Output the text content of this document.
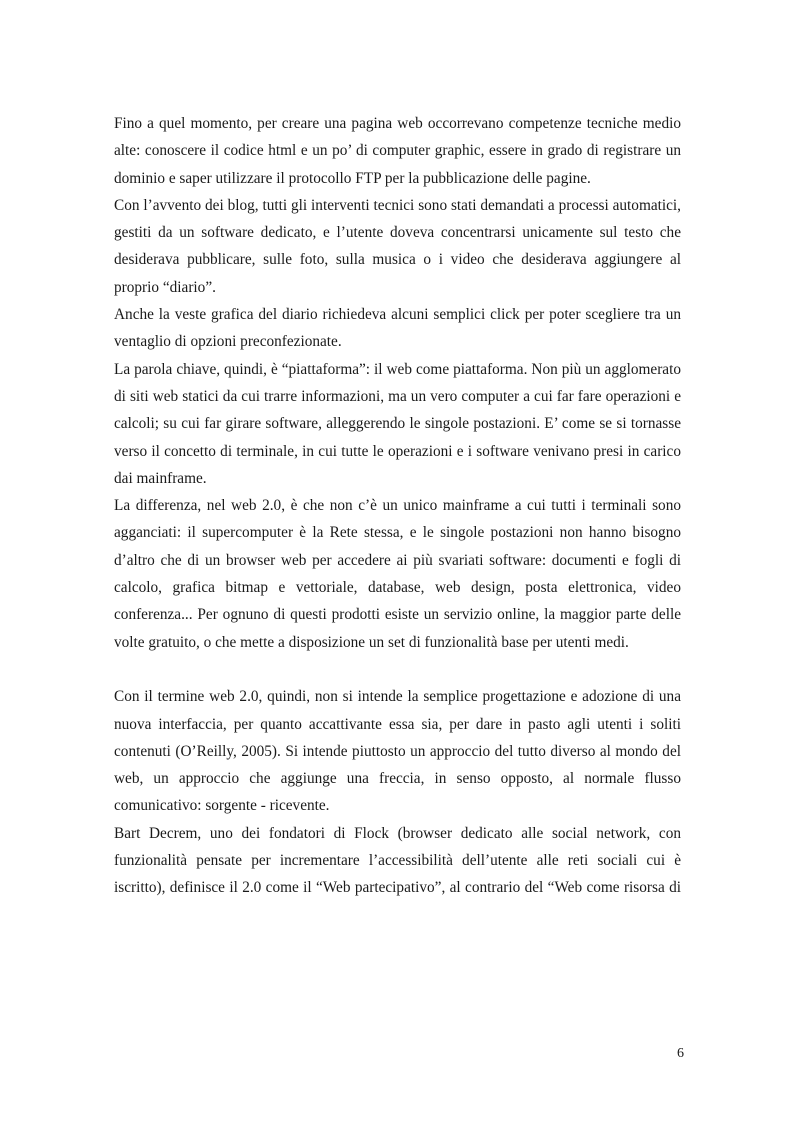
Fino a quel momento, per creare una pagina web occorrevano competenze tecniche medio alte: conoscere il codice html e un po’ di computer graphic, essere in grado di registrare un dominio e saper utilizzare il protocollo FTP per la pubblicazione delle pagine.

Con l’avvento dei blog, tutti gli interventi tecnici sono stati demandati a processi automatici, gestiti da un software dedicato, e l’utente doveva concentrarsi unicamente sul testo che desiderava pubblicare, sulle foto, sulla musica o i video che desiderava aggiungere al proprio “diario”.

Anche la veste grafica del diario richiedeva alcuni semplici click per poter scegliere tra un ventaglio di opzioni preconfezionate.

La parola chiave, quindi, è “piattaforma”: il web come piattaforma. Non più un agglomerato di siti web statici da cui trarre informazioni, ma un vero computer a cui far fare operazioni e calcoli; su cui far girare software, alleggerendo le singole postazioni. E’ come se si tornasse verso il concetto di terminale, in cui tutte le operazioni e i software venivano presi in carico dai mainframe.

La differenza, nel web 2.0, è che non c’è un unico mainframe a cui tutti i terminali sono agganciati: il supercomputer è la Rete stessa, e le singole postazioni non hanno bisogno d’altro che di un browser web per accedere ai più svariati software: documenti e fogli di calcolo, grafica bitmap e vettoriale, database, web design, posta elettronica, video conferenza... Per ognuno di questi prodotti esiste un servizio online, la maggior parte delle volte gratuito, o che mette a disposizione un set di funzionalità base per utenti medi.

Con il termine web 2.0, quindi, non si intende la semplice progettazione e adozione di una nuova interfaccia, per quanto accattivante essa sia, per dare in pasto agli utenti i soliti contenuti (O’Reilly, 2005). Si intende piuttosto un approccio del tutto diverso al mondo del web, un approccio che aggiunge una freccia, in senso opposto, al normale flusso comunicativo: sorgente - ricevente.

Bart Decrem, uno dei fondatori di Flock (browser dedicato alle social network, con funzionalità pensate per incrementare l’accessibilità dell’utente alle reti sociali cui è iscritto), definisce il 2.0 come il “Web partecipativo”, al contrario del “Web come risorsa di

6
